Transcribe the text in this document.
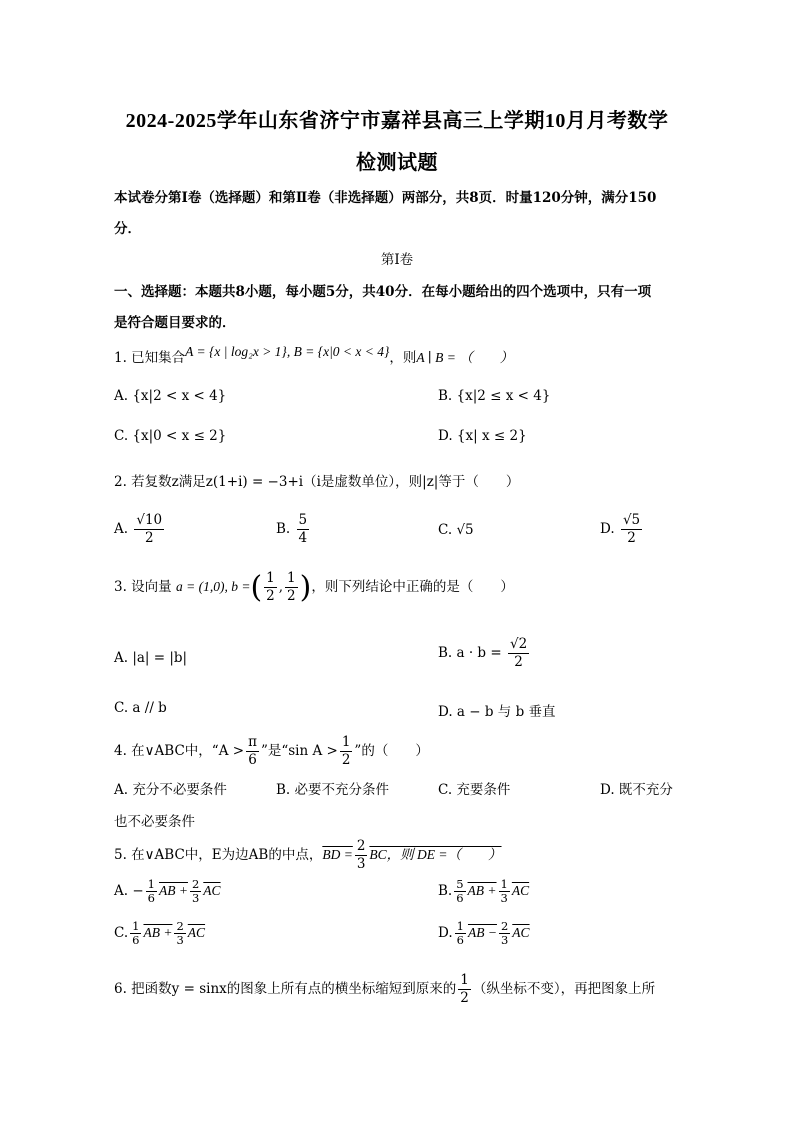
2024-2025学年山东省济宁市嘉祥县高三上学期10月月考数学
检测试题
本试卷分第Ⅰ卷（选择题）和第Ⅱ卷（非选择题）两部分，共8页．时量120分钟，满分150
分．
第Ⅰ卷
一、选择题：本题共8小题，每小题5分，共40分．在每小题给出的四个选项中，只有一项
是符合题目要求的．
1. 已知集合A = {x | log₂x > 1}, B = {x|0 < x < 4}，则A ∣ B = （　　）
A. {x|2 < x < 4}	B. {x|2 ≤ x < 4}
C. {x|0 < x ≤ 2}	D. {x| x ≤ 2}
2. 若复数z满足z(1+i) = −3+i（i是虚数单位），则|z|等于（　　）
A. $\frac{√10}{2}$	B. $\frac{5}{4}$	C. √5	D. $\frac{√5}{2}$
3. 设向量 a = (1,0), b =( $\frac{1}{2}$ , $\frac{1}{2}$ )，则下列结论中正确的是（　　）
A. |a| = |b|	B. $a \cdot b = \frac{√2}{2}$
C. a // b	D. a − b 与 b 垂直
4. 在∨ABC中，“$A > \frac{\pi}{6}$ ”是“sin $A > \frac{1}{2}$ ”的（　　）
A. 充分不必要条件	B. 必要不充分条件	C. 充要条件	D. 既不充分
也不必要条件
5. 在∨ABC中，E为边AB的中点，BD = $\frac{2}{3}$ BC，则 DE =（　　）
A. − $\frac{1}{6}$ AB + $\frac{2}{3} \overline{AC}$	B. $\frac{5}{6}$ AB + $\frac{1}{3} \overline{AC}$
C. $\frac{1}{6}$ AB + $\frac{2}{3} \overline{AC}$	D. $\frac{1}{6}$ AB − $\frac{2}{3} \overline{AC}$
6. 把函数y = sinx的图象上所有点的横坐标缩短到原来的 $\frac{1}{2}$ （纵坐标不变），再把图象上所
